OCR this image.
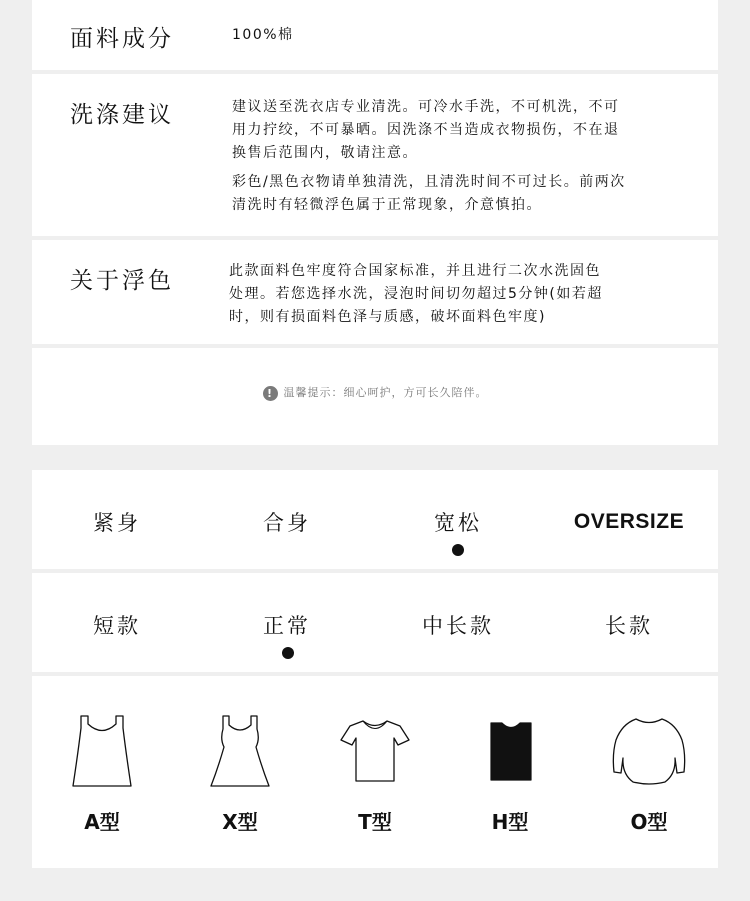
面料成分	100%棉
洗涤建议	建议送至洗衣店专业清洗。可冷水手洗，不可机洗，不可

用力拧绞，不可暴晒。因洗涤不当造成衣物损伤，不在退

换售后范围内，敬请注意。

彩色/黑色衣物请单独清洗，且清洗时间不可过长。前两次

清洗时有轻微浮色属于正常现象，介意慎拍。

关于浮色	此款面料色牢度符合国家标准，并且进行二次水洗固色

处理。若您选择水洗，浸泡时间切勿超过5分钟(如若超

时，则有损面料色泽与质感，破坏面料色牢度)

! 温馨提示：细心呵护，方可长久陪伴。
紧身	合身	宽松	OVERSIZE
短款	正常	中长款	长款
A型	X型	T型	H型	O型
